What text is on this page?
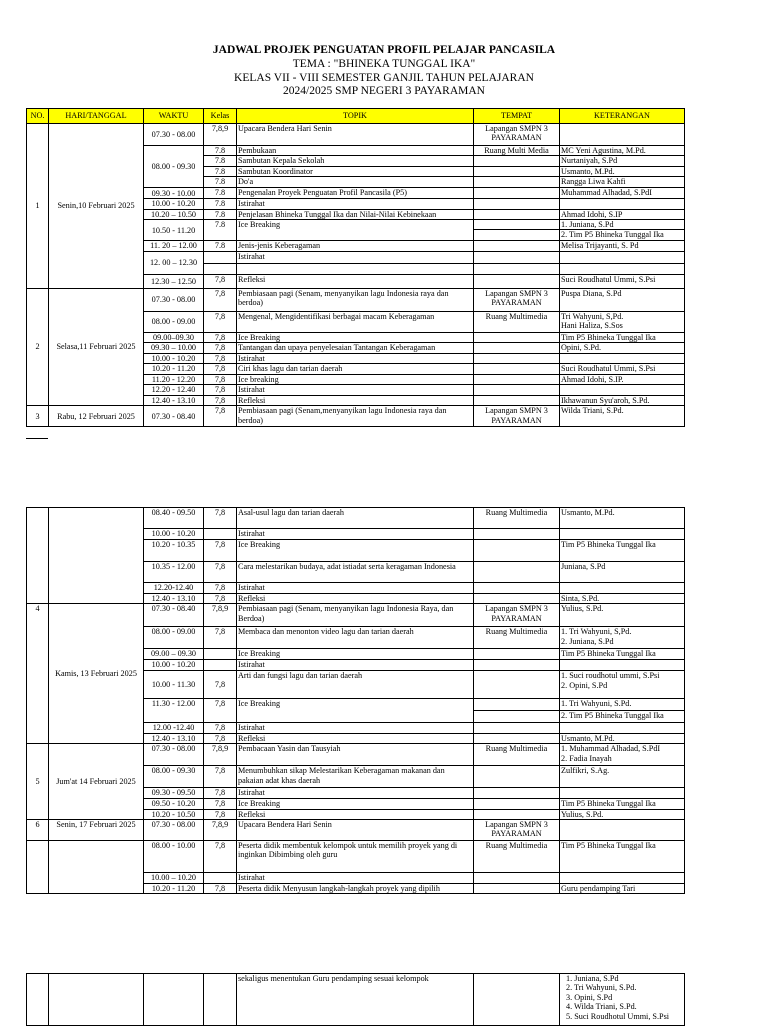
JADWAL PROJEK PENGUATAN PROFIL PELAJAR PANCASILA
TEMA : "BHINEKA TUNGGAL IKA"
KELAS VII - VIII SEMESTER GANJIL TAHUN PELAJARAN
2024/2025 SMP NEGERI 3 PAYARAMAN
NO.	HARI/TANGGAL	WAKTU	Kelas	TOPIK	TEMPAT	KETERANGAN
1	Senin,10 Februari 2025	07.30 - 08.00	7,8,9	Upacara Bendera Hari Senin	Lapangan SMPN 3 PAYARAMAN	
		08.00 - 09.30	7.8	Pembukaan	Ruang Multi Media	MC Yeni Agustina, M.Pd.
			7.8	Sambutan Kepala Sekolah		Nurtaniyah, S.Pd
			7.8	Sambutan Koordinator		Usmanto, M.Pd.
			7.8	Do'a		Rangga Liwa Kahfi
		09.30 - 10.00	7.8	Pengenalan Proyek Penguatan Profil Pancasila (P5)		Muhammad Alhadad, S.PdI
		10.00 - 10.20	7.8	Istirahat		
		10.20 – 10.50	7.8	Penjelasan Bhineka Tunggal Ika dan Nilai-Nilai Kebinekaan		Ahmad Idohi, S.IP
		10.50 - 11.20	7.8	Ice Breaking		1. Juniana, S.Pd
						2. Tim P5 Bhineka Tunggal Ika
		11. 20 – 12.00	7.8	Jenis-jenis Keberagaman		Melisa Trijayanti, S. Pd
		12. 00 – 12.30		Istirahat		

		12.30 – 12.50	7,8	Refleksi		Suci Roudhatul Ummi, S.Psi
2	Selasa,11 Februari 2025	07.30 - 08.00	7,8	Pembiasaan pagi (Senam, menyanyikan lagu Indonesia raya dan berdoa)	Lapangan SMPN 3 PAYARAMAN	Puspa Diana, S.Pd
		08.00 - 09.00	7,8	Mengenal, Mengidentifikasi berbagai macam Keberagaman	Ruang Multimedia	Tri Wahyuni, S,Pd.
Hani Haliza, S.Sos
		09.00–09.30	7,8	Ice Breaking		Tim P5 Bhineka Tunggal Ika
		09.30 – 10.00	7,8	Tantangan dan upaya penyelesaian Tantangan Keberagaman		Opini, S.Pd.
		10.00 - 10.20	7,8	Istirahat		
		10.20 - 11.20	7,8	Ciri khas lagu dan tarian daerah		Suci Roudhatul Ummi, S.Psi
		11.20 - 12.20	7,8	Ice breaking		Ahmad Idohi, S.IP.
		12.20 - 12.40	7,8	Istirahat		
		12.40 - 13.10	7,8	Refleksi		Ikhawanun Syu'aroh, S.Pd.
3	Rabu, 12 Februari 2025	07.30 - 08.40	7,8	Pembiasaan pagi (Senam,menyanyikan lagu Indonesia raya dan berdoa)	Lapangan SMPN 3 PAYARAMAN	Wilda Triani, S.Pd.
		08.40 - 09.50	7,8	Asal-usul lagu dan tarian daerah	Ruang Multimedia	Usmanto, M.Pd.
		10.00 - 10.20		Istirahat		
		10.20 - 10.35	7,8	Ice Breaking		Tim P5 Bhineka Tunggal Ika
		10.35 - 12.00	7,8	Cara melestarikan budaya, adat istiadat serta keragaman Indonesia		Juniana, S.Pd
		12.20-12.40	7,8	Istirahat		
		12.40 - 13.10	7,8	Refleksi		Sinta, S.Pd.
4	Kamis, 13 Februari 2025	07.30 - 08.40	7,8,9	Pembiasaan pagi (Senam, menyanyikan lagu Indonesia Raya, dan Berdoa)	Lapangan SMPN 3 PAYARAMAN	Yulius, S.Pd.
		08.00 - 09.00	7,8	Membaca dan menonton video lagu dan tarian daerah	Ruang Multimedia	1. Tri Wahyuni, S,Pd.
2. Juniana, S.Pd
		09.00 – 09.30		Ice Breaking		Tim P5 Bhineka Tunggal Ika
		10.00 - 10.20		Istirahat		
		10.00 - 11.30	7,8	Arti dan fungsi lagu dan tarian daerah		1. Suci roudhotul ummi, S.Psi
2. Opini, S.Pd
		11.30 - 12.00	7,8	Ice Breaking		1. Tri Wahyuni, S.Pd.
						2. Tim P5 Bhineka Tunggal Ika
		12.00 -12.40	7,8	Istirahat		
		12.40 - 13.10	7,8	Refleksi		Usmanto, M.Pd.
5	Jum'at 14 Februari 2025	07.30 - 08.00	7,8,9	Pembacaan Yasin dan Tausyiah	Ruang Multimedia	1. Muhammad Alhadad, S.PdI
2. Fadia Inayah
		08.00 - 09.30	7,8	Menumbuhkan sikap Melestarikan Keberagaman makanan dan pakaian adat khas daerah		Zulfikri, S.Ag.
		09.30 - 09.50	7,8	Istirahat		
		09.50 - 10.20	7,8	Ice Breaking		Tim P5 Bhineka Tunggal Ika
		10.20 - 10.50	7,8	Refleksi		Yulius, S.Pd.
6	Senin, 17 Februari 2025	07.30 - 08.00	7,8,9	Upacara Bendera Hari Senin	Lapangan SMPN 3 PAYARAMAN	
		08.00 - 10.00	7,8	Peserta didik membentuk kelompok untuk memilih proyek yang di inginkan Dibimbing oleh guru	Ruang Multimedia	Tim P5 Bhineka Tunggal Ika
		10.00 – 10.20		Istirahat		
		10.20 - 11.20	7,8	Peserta didik Menyusun langkah-langkah proyek yang dipilih		Guru pendamping Tari
				sekaligus menentukan Guru pendamping sesuai kelompok		1. Juniana, S.Pd
2. Tri Wahyuni, S.Pd.
3. Opini, S.Pd
4. Wilda Triani, S.Pd.
5. Suci Roudhotul Ummi, S.Psi
